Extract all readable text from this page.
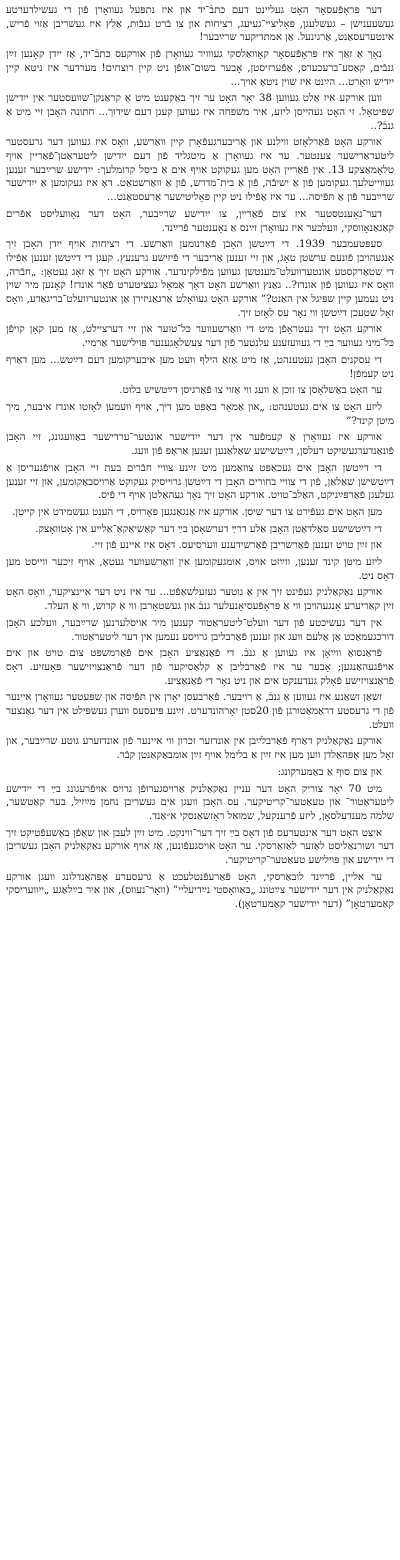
דער פּראָפֿעסאָר האָט געליינט דעם כּתבֿ־יד און איז נתפּעל געוואָרן פֿון די געשילדערטע געשעענישן – געשלעגן, פּאָליציי־געיעג, רציחות און צו בֿרט גנבֿות, אַלץ איז געשריבן אַזוי פֿריש, אינטערעסאַנט, אַרגינעל. אַן אמתדיקער שרײַבער!

נאָך אַ זאַך איז פּראָפֿעסאָר קאָוואַלסקי געווויר געוואָרן פֿון אורקעס כּתבֿ־יד, אַז ייִדן קאָנען זײַן גנבֿים, קאַסע־ברעכערס, אַפֿערזיסטן, אָבער בשום־אופֿן ניט קיין רוצחים! מערדער איז ניטא קיין ייִדיש וואָרט... הײַנט איז שוין ניטאָ אויך...

ווען אורקע איז אַלט געווען 38 יאָר האָט ער זיך באַקענט מיט אַ קראַנקן־שוועסטער אין ייִדישן שפּיטאָל. זי האָט געהייסן ליזע, איר משפּחה איז געווען קעגן דעם שידוך... חתונה האָבן זיי מיט אַ גנבֿ?..

אורקע האָט פֿאַרלאָזט ווילנע און אַריבערגעפֿאָרן קיין וואַרשע, וואָס איז געווען דער גרעסטער ליטעראַרישער צענטער. ער איז געוואָרן אַ מיטגליד פֿון דעם ייִדישן ליטעראַטן־פֿאַריין אויף טלאָמאַצקע 13. אין פֿאַריין האָט מען געקוקט אויף אים אַ ביסל קרומלעך: ייִדישע שרײַבער זענען געווייטלעך געקומען פֿון אַ ישיבֿה, פֿון אַ בית־מדרש, פֿון אַ וואַרשטאַט. דאָ איז געקומען אַ ייִדישער שרײַבער פֿון אַ תּפֿיסה... ער איז אַפֿילו ניט קיין פּאָליטישער אַרעסטאַנט...

דער־נאָענטסטער איז צום פֿאַריין, צו ייִדישע שרײַבער, האָט דער נאָוועליסט אפֿרים קאַגאַנאָווסקי, וועלכער איז געוואָרן זײַנס אַ נאָענטער פֿרײַנד.

סעפּטעמבער 1939. די דײַטשן האָבן פֿאַרנומען וואַרשע. די רציחות אויף ייִדן האָבן זיך אָנגעהויבן פֿונעם ערשטן טאָג, און זיי זענען אַריבער די פֿיזישע גרענעץ. קעגן די דײַטשן זענען אַפֿילו די שטאַרקסטע אונטערוועלט־מענטשן געווען מפֿילקינדער. אורקע האָט זיך אַ זאָג געטאָן: „חבֿרה, וואָס איז געווען פֿון אונדז?.. גאַנץ וואַרשע האָט דאָך אַמאָל געציטערט פֿאַר אונדז! קאָנען מיר שוין ניט נעמען קיין שפּיגל אין האַנט?” אורקע האָט געוואָלט אַרגאַניזירן אַן אונטערוועלט־בריגאַדע, וואָס זאָל שטעכן דײַטשן ווי נאָר עס לאָזט זיך.

אורקע האָט זיך געטראָפֿן מיט די וואַרשעווער כּל־טוער און זיי דערציילט, אַז מען קאָן קויפֿן כּל־מיני געווער בײַ די געוועזענע עלנטער פֿון דער צעשלאָגענער פּוילישער אַרמיי.

די עסקנים האָבן געטענהט, אַז מיט אַזאַ הילף וועט מען איבערקומען דעם דײַטש... מען דאַרף ניט קעמפֿן!

ער האָט באַשלאָסן צו זוכן אַ וועג ווי אַזוי צו פֿאַרגיסן דײַטשיש בלוט.

ליזע האָט צו אים געטענהט: „און אַמאָר באַפּט מען דיך, אויף וועמען לאָזטו אונדז איבער, מיך מיטן קינד?”

אורקע איז געוואָרן אַ קעמפֿער אין דער ייִדישער אונטער־ערדישער באַוועגונג, זיי האָבן פֿונאַנדערגעשיקט רעלסן, דײַטשישע שאַלאַנען זענען אַראָפּ פֿון וועג.

די דײַטשן האָבן אים געכאַפּט צוזאַמען מיט זײַנע צוויי חבֿרים בעת זיי האָבן אויפֿגעריסן אַ דײַטשישן שאַלאַן, פֿון די צוויי בחורים האָבן די דײַטשן גרױיסיק געקוקט אַרויסבאַקומען, און זיי זענען געלעגן פֿאַרפּײַניקט, האַלב־טויט. אורקע האָט זיך נאָך געהאַלטן אויף די פֿיס.

מען האָט אים געפֿירט צו דער שיסן. אורקע איז אַנגאַנגען פּאָרויס, די הענט געשמידט אין קייטן.

די דײַטשישע סאַלדאַטן האָבן אַלע דרײַ דערשאָסן בײַ דער קאַשיאַקאַ־אַלייע אין אָטוואָצק.

און זײַן טויט זענען פֿאַרשריבן פֿאַרשידענע ווערסיעס. דאָס איז איינע פֿון זיי.

ליזע מיטן קינד זענען, ווײַזט אויס, אומגעקומען אין וואַרשעווער געטאָ, אויף זיכער ווייסט מען דאָס ניט.

אורקע נאַקאַלניק געפֿינט זיך אין אַ גוטער געזעלשאַפֿט... ער איז ניט דער איינציקער, וואָס האָט זײַן קאַריערע אָנגעהויבן ווי אַ פּראָפֿעסיאָנעלער גנבֿ און געשטאָרבן ווי אַ קדוש, ווי אַ העלד.

אין דער געשיכטע פֿון דער וועלט־ליטעראַטור קענען מיר אויסלערנען שרײַבער, וועלכע האָבן דורכגעמאַכט אַן אַלעם וועג און זענען פֿאַרבליבן גרויסע נעמען אין דער ליטעראַטור.

פֿראַנסואַ ווײַאָן איז געווען אַ גנבֿ. די פֿאַנאַציע האָבן אים פֿאַרמשפּט צום טויט און אים אויפֿגעהאַנגען; אָבער ער איז פֿאַרבליבן אַ קלאַסיקער פֿון דער פֿראַנצויזישער פּאָעזיע. דאָס פֿראַנצויזישע פֿאָלק געדענקט אים און ניט נאָר די פֿאַנאַציע.

זשאַן זשאַנע איז געווען אַ גנבֿ, אַ רויבער. פֿאַרבעסן יאָרן אין תּפֿיסה און שפּעטער געוואָרן איינער פֿון די גרעסטע דראַמאַטורגן פֿון 20סטן יאָרהונדערט. זײַנע פּיעסעס ווערן געשפּילט אין דער גאַנצער וועלט.

אורקע נאַקאַלניק דאַרף פֿאַרבלײַבן אין אונדזער זכּרון ווי איינער פֿון אונדזערע גוטע שרײַבער, און זאָל מען אָפּהאַלדן ווען מען איז זײַן אַ בלימל אויף זײַן אומבאַקאַנטן קבֿר.

און צום סוף אַ באַמערקונג:

מיט 70 יאָר צוריק האָט דער עניין נאַקאַלניק אַרויסגערופֿן גרויס אויפֿרעגונג בײַ די ייִדישע ליטעראַטור־ און טעאַטער־קריטיקער. עס האָבן וועגן אים געשריבן נחמן מײַזיל, בער קאַטשער, שלמה מענדעלסאָן, ליזע פֿרענקעל, שמואל ראָזשאַנסקי א״אַנד.

איצט האָט דער אינטערעס פֿון דאָס בײַ זיך דער־ווינקט. מיט זײַן לעבן און שאַפֿן באַשעפֿטיקט זיך דער זשורנאַליסט לאַזער לאַזאַרסקי. ער האָט אויסגעפֿונען, אַז אויף אורקע נאַקאַלניק האָבן געשריבן די ייִדישע און פּוילישע טעאַטער־קריטיקער.

ער אליין, פֿרײַנד לובאַרסקי, האָט פֿאַרעפֿנטלעכט אַ גרעסערע אָפּהאַנדלונג וועגן אורקע נאַקאַלניק אין דער ייִדישער צײַטונג „באַוואָסטי נײַדיעליי” (וואָר־נעווס), און איר בײַלאַגע „ייִוועריסקי קאַמערטאָן” (דער ייִדישער קאַמערטאָן).
